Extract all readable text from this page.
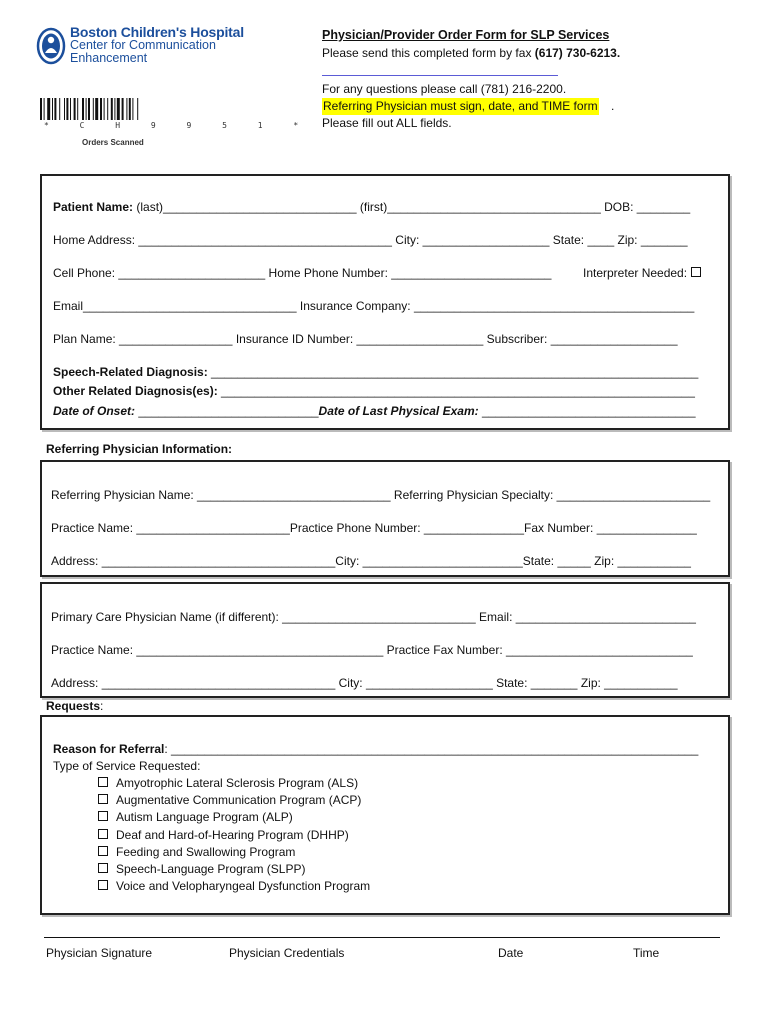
Boston Children's Hospital
Center for Communication
Enhancement
* C H 9 9 5 1 *
Orders Scanned
Physician/Provider Order Form for SLP Services
Please send this completed form by fax (617) 730-6213.
For any questions please call (781) 216-2200.
Referring Physician must sign, date, and TIME form .
Please fill out ALL fields.
Patient Name: (last)_____________________________ (first)________________________________ DOB: ________
Home Address: ______________________________________ City: ___________________ State: ____ Zip: _______
Cell Phone: ______________________ Home Phone Number: ________________________	Interpreter Needed:
Email________________________________ Insurance Company: __________________________________________
Plan Name: _________________ Insurance ID Number: ___________________ Subscriber: ___________________
Speech-Related Diagnosis: _________________________________________________________________________
Other Related Diagnosis(es): _______________________________________________________________________
Date of Onset: ___________________________Date of Last Physical Exam: ________________________________
Referring Physician Information:
Referring Physician Name: _____________________________ Referring Physician Specialty: _______________________
Practice Name: _______________________Practice Phone Number: _______________Fax Number: _______________
Address: ___________________________________City: ________________________State: _____ Zip: ___________
Primary Care Physician Name (if different): _____________________________ Email: ___________________________
Practice Name: _____________________________________ Practice Fax Number: ____________________________
Address: ___________________________________ City: ___________________ State: _______ Zip: ___________
Requests:
Reason for Referral: _______________________________________________________________________________
Type of Service Requested:
Amyotrophic Lateral Sclerosis Program (ALS)
Augmentative Communication Program (ACP)
Autism Language Program (ALP)
Deaf and Hard-of-Hearing Program (DHHP)
Feeding and Swallowing Program
Speech-Language Program (SLPP)
Voice and Velopharyngeal Dysfunction Program
Physician Signature	Physician Credentials	Date	Time
